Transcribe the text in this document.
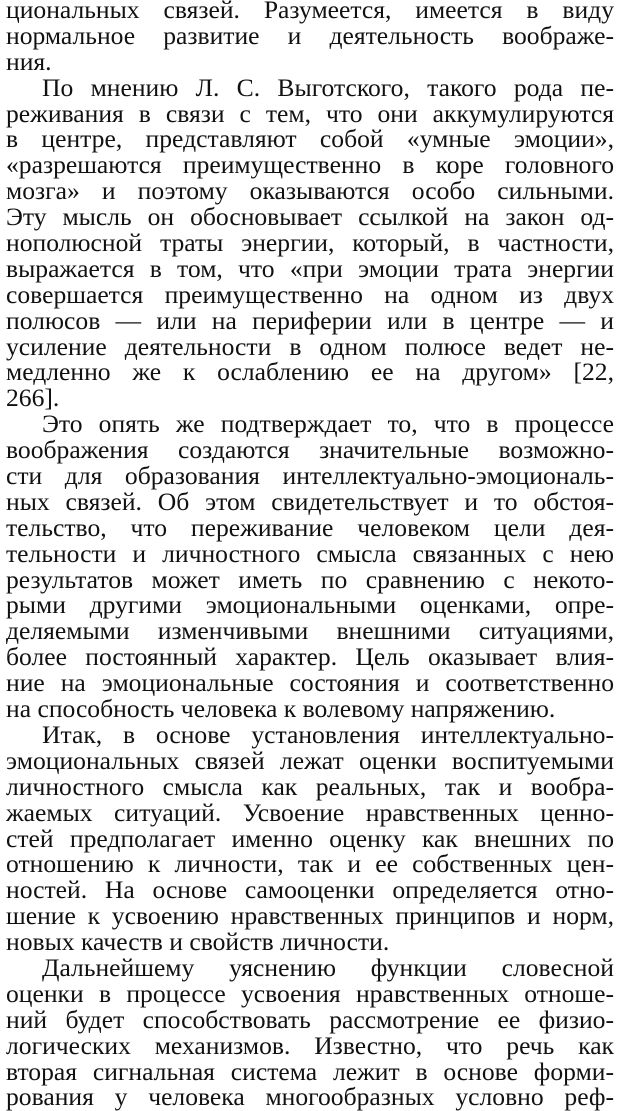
циональных связей. Разумеется, имеется в виду
нормальное развитие и деятельность воображе-
ния.
По мнению Л. С. Выготского, такого рода пе-
реживания в связи с тем, что они аккумулируются
в центре, представляют собой «умные эмоции»,
«разрешаются преимущественно в коре головного
мозга» и поэтому оказываются особо сильными.
Эту мысль он обосновывает ссылкой на закон од-
нополюсной траты энергии, который, в частности,
выражается в том, что «при эмоции трата энергии
совершается преимущественно на одном из двух
полюсов — или на периферии или в центре — и
усиление деятельности в одном полюсе ведет не-
медленно же к ослаблению ее на другом» [22,
266].
Это опять же подтверждает то, что в процессе
воображения создаются значительные возможно-
сти для образования интеллектуально-эмоциональ-
ных связей. Об этом свидетельствует и то обстоя-
тельство, что переживание человеком цели дея-
тельности и личностного смысла связанных с нею
результатов может иметь по сравнению с некото-
рыми другими эмоциональными оценками, опре-
деляемыми изменчивыми внешними ситуациями,
более постоянный характер. Цель оказывает влия-
ние на эмоциональные состояния и соответственно
на способность человека к волевому напряжению.
Итак, в основе установления интеллектуально-
эмоциональных связей лежат оценки воспитуемыми
личностного смысла как реальных, так и вообра-
жаемых ситуаций. Усвоение нравственных ценно-
стей предполагает именно оценку как внешних по
отношению к личности, так и ее собственных цен-
ностей. На основе самооценки определяется отно-
шение к усвоению нравственных принципов и норм,
новых качеств и свойств личности.
Дальнейшему уяснению функции словесной
оценки в процессе усвоения нравственных отноше-
ний будет способствовать рассмотрение ее физио-
логических механизмов. Известно, что речь как
вторая сигнальная система лежит в основе форми-
рования у человека многообразных условно реф-
